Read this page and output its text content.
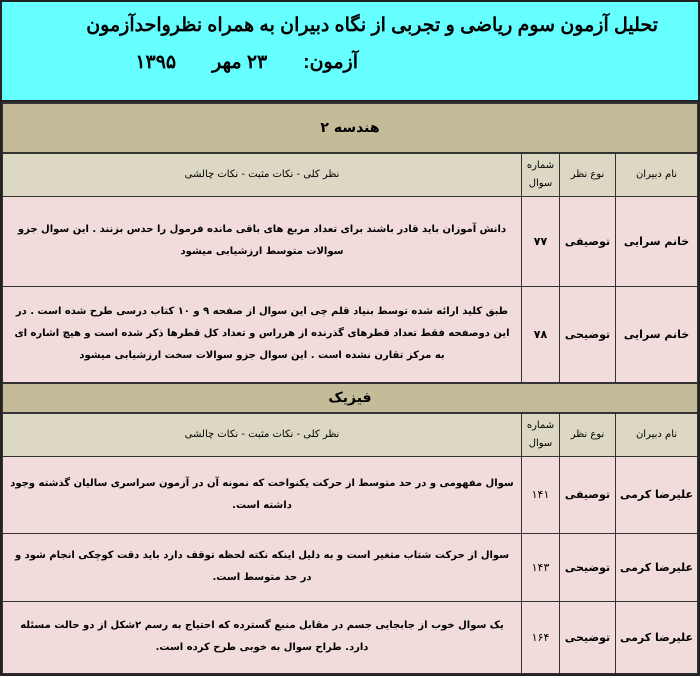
تحلیل آزمون سوم ریاضی و تجربی از نگاه دبیران به همراه نظرواحدآزمون
آزمون:
۲۳ مهر
۱۳۹۵
هندسه ۲			
نام دبیران	نوع نظر	شماره سوال	نظر کلی - نکات مثبت - نکات چالشی
خانم سرایی	توصیفی	۷۷	دانش آموزان باید قادر باشند برای تعداد مربع های باقی مانده فرمول را حدس بزنند . این سوال جزو سوالات متوسط ارزشیابی میشود
خانم سرایی	توضیحی	۷۸	طبق کلید ارائه شده توسط بنیاد قلم چی این سوال از صفحه ۹ و ۱۰ کتاب درسی طرح شده است . در این دوصفحه فقط تعداد قطرهای گذرنده از هرراس و تعداد کل قطرها ذکر شده است و هیچ اشاره ای به مرکز تقارن نشده است . این سوال جزو سوالات سخت ارزشیابی میشود
فیزیک			
نام دبیران	نوع نظر	شماره سوال	نظر کلی - نکات مثبت - نکات چالشی
علیرضا کرمی	توصیفی	۱۴۱	سوال مفهومی و در حد متوسط از حرکت یکنواخت که نمونه آن در آزمون سراسری سالیان گذشته وجود داشته است.
علیرضا کرمی	توضیحی	۱۴۳	سوال از حرکت شتاب متغیر است و به دلیل اینکه نکته لحظه توقف دارد باید دقت کوچکی انجام شود و در حد متوسط است.
علیرضا کرمی	توضیحی	۱۶۴	یک سوال خوب از جابجایی جسم در مقابل منبع گسترده که احتیاج به رسم ۲شکل از دو حالت مسئله دارد. طراح سوال به خوبی طرح کرده است.
